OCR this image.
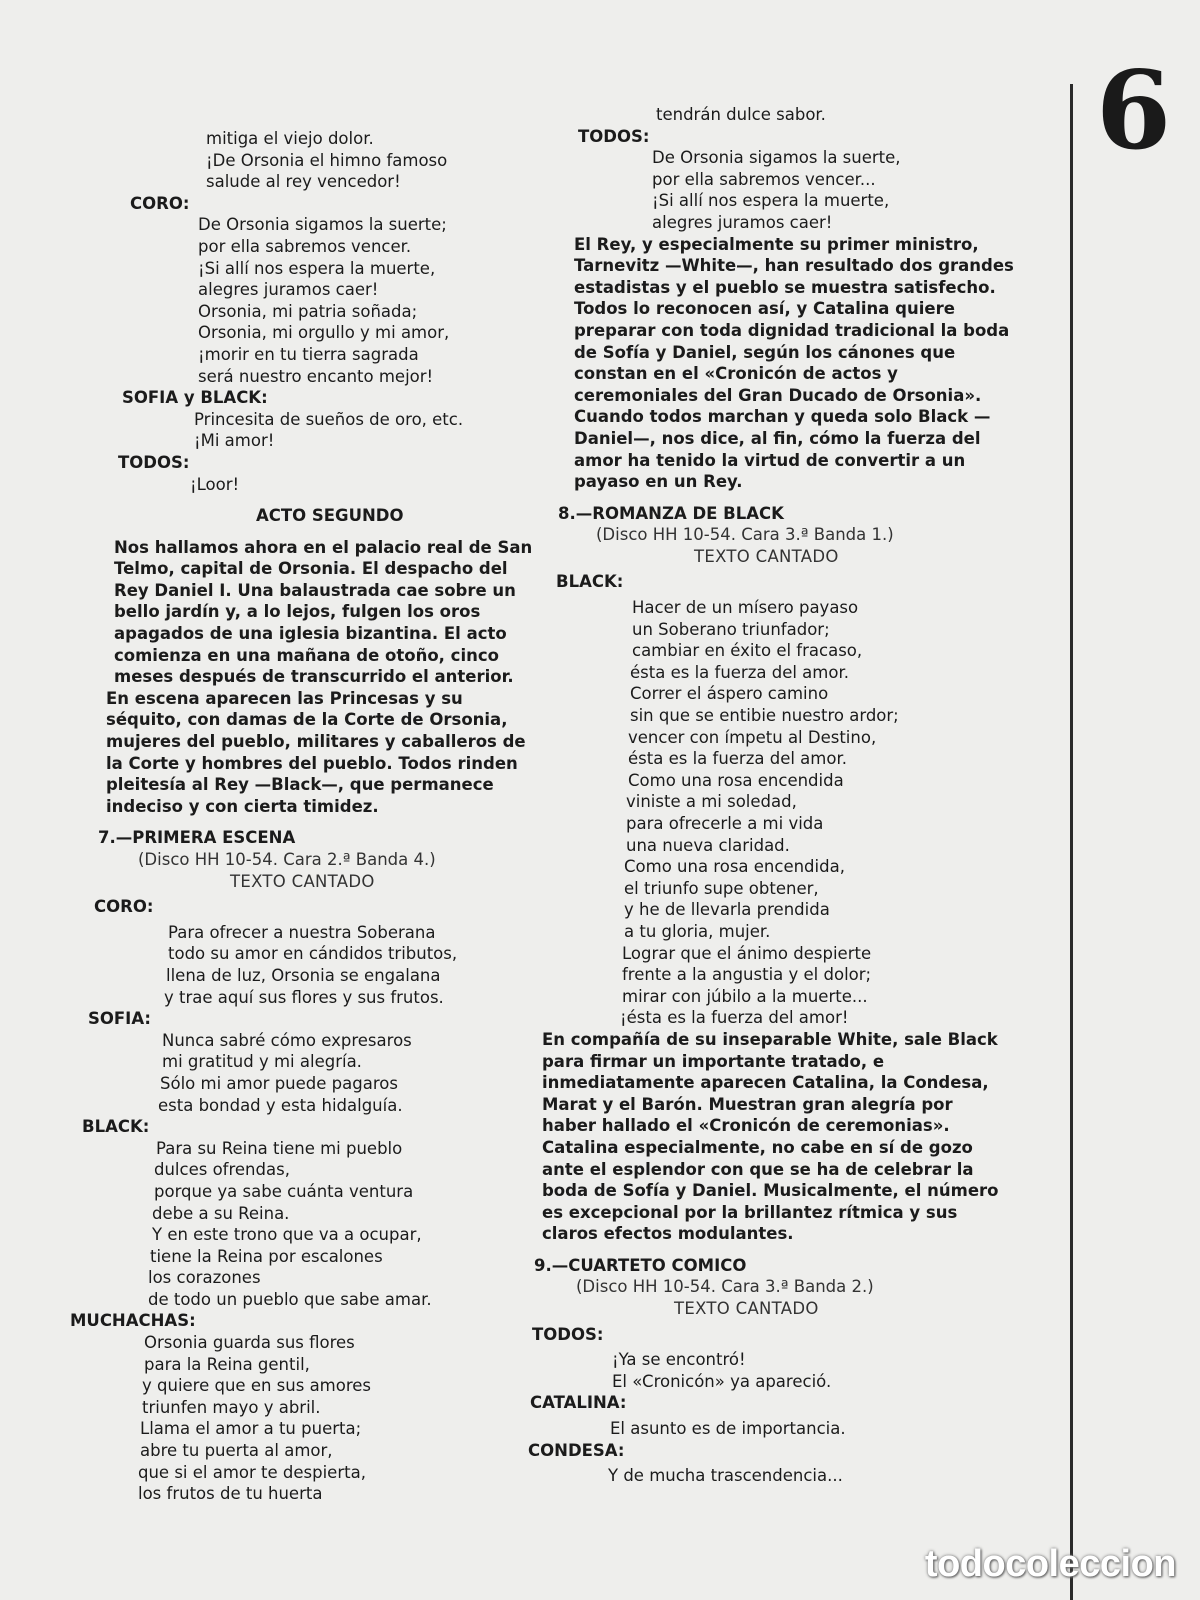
mitiga el viejo dolor.
¡De Orsonia el himno famoso
salude al rey vencedor!
CORO:
De Orsonia sigamos la suerte;
por ella sabremos vencer.
¡Si allí nos espera la muerte,
alegres juramos caer!
Orsonia, mi patria soñada;
Orsonia, mi orgullo y mi amor,
¡morir en tu tierra sagrada
será nuestro encanto mejor!
SOFIA y BLACK:
Princesita de sueños de oro, etc.
¡Mi amor!
TODOS:
¡Loor!
ACTO SEGUNDO
Nos hallamos ahora en el palacio real de San Telmo, capital de Orsonia. El despacho del Rey Daniel I. Una balaustrada cae sobre un bello jardín y, a lo lejos, fulgen los oros apagados de una iglesia bizantina. El acto comienza en una mañana de otoño, cinco meses después de transcurrido el anterior.
En escena aparecen las Princesas y su séquito, con damas de la Corte de Orsonia, mujeres del pueblo, militares y caballeros de la Corte y hombres del pueblo. Todos rinden pleitesía al Rey —Black—, que permanece indeciso y con cierta timidez.
7.—PRIMERA ESCENA
(Disco HH 10-54. Cara 2.ª Banda 4.)
TEXTO CANTADO
CORO:
Para ofrecer a nuestra Soberana
todo su amor en cándidos tributos,
llena de luz, Orsonia se engalana
y trae aquí sus flores y sus frutos.
SOFIA:
Nunca sabré cómo expresaros
mi gratitud y mi alegría.
Sólo mi amor puede pagaros
esta bondad y esta hidalguía.
BLACK:
Para su Reina tiene mi pueblo
dulces ofrendas,
porque ya sabe cuánta ventura
debe a su Reina.
Y en este trono que va a ocupar,
tiene la Reina por escalones
los corazones
de todo un pueblo que sabe amar.
MUCHACHAS:
Orsonia guarda sus flores
para la Reina gentil,
y quiere que en sus amores
triunfen mayo y abril.
Llama el amor a tu puerta;
abre tu puerta al amor,
que si el amor te despierta,
los frutos de tu huerta
tendrán dulce sabor.
TODOS:
De Orsonia sigamos la suerte,
por ella sabremos vencer...
¡Si allí nos espera la muerte,
alegres juramos caer!
El Rey, y especialmente su primer ministro, Tarnevitz —White—, han resultado dos grandes estadistas y el pueblo se muestra satisfecho. Todos lo reconocen así, y Catalina quiere preparar con toda dignidad tradicional la boda de Sofía y Daniel, según los cánones que constan en el «Cronicón de actos y ceremoniales del Gran Ducado de Orsonia». Cuando todos marchan y queda solo Black —Daniel—, nos dice, al fin, cómo la fuerza del amor ha tenido la virtud de convertir a un payaso en un Rey.
8.—ROMANZA DE BLACK
(Disco HH 10-54. Cara 3.ª Banda 1.)
TEXTO CANTADO
BLACK:
Hacer de un mísero payaso
un Soberano triunfador;
cambiar en éxito el fracaso,
ésta es la fuerza del amor.
Correr el áspero camino
sin que se entibie nuestro ardor;
vencer con ímpetu al Destino,
ésta es la fuerza del amor.
Como una rosa encendida
viniste a mi soledad,
para ofrecerle a mi vida
una nueva claridad.
Como una rosa encendida,
el triunfo supe obtener,
y he de llevarla prendida
a tu gloria, mujer.
Lograr que el ánimo despierte
frente a la angustia y el dolor;
mirar con júbilo a la muerte...
¡ésta es la fuerza del amor!
En compañía de su inseparable White, sale Black para firmar un importante tratado, e inmediatamente aparecen Catalina, la Condesa, Marat y el Barón. Muestran gran alegría por haber hallado el «Cronicón de ceremonias». Catalina especialmente, no cabe en sí de gozo ante el esplendor con que se ha de celebrar la boda de Sofía y Daniel. Musicalmente, el número es excepcional por la brillantez rítmica y sus claros efectos modulantes.
9.—CUARTETO COMICO
(Disco HH 10-54. Cara 3.ª Banda 2.)
TEXTO CANTADO
TODOS:
¡Ya se encontró!
El «Cronicón» ya apareció.
CATALINA:
El asunto es de importancia.
CONDESA:
Y de mucha trascendencia...
6
todocoleccion
